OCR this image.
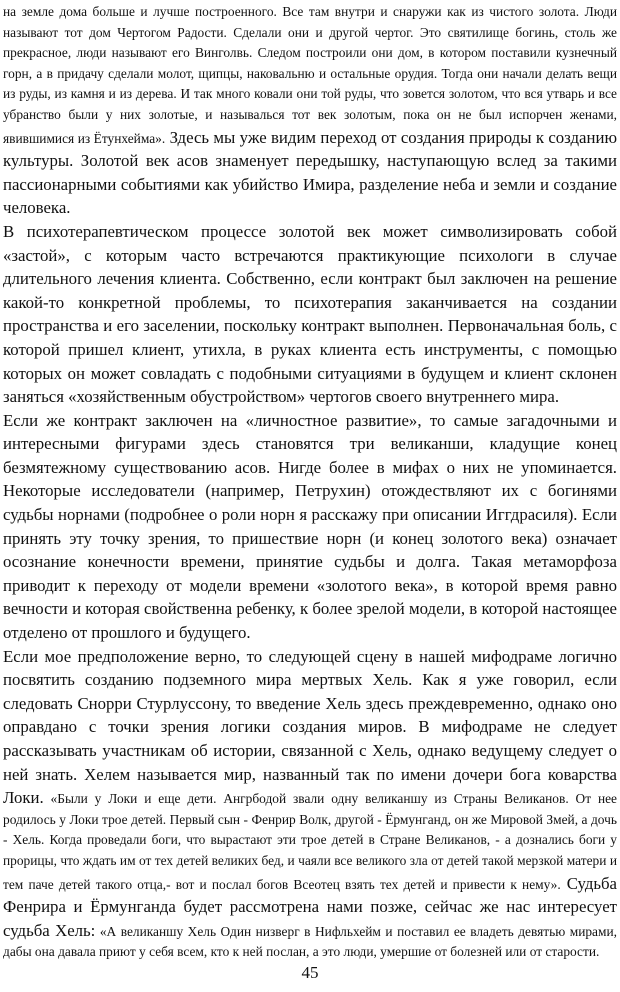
на земле дома больше и лучше построенного. Все там внутри и снаружи как из чистого золота. Люди называют тот дом Чертогом Радости. Сделали они и другой чертог. Это святилище богинь, столь же прекрасное, люди называют его Винголвь. Следом построили они дом, в котором поставили кузнечный горн, а в придачу сделали молот, щипцы, наковальню и остальные орудия. Тогда они начали делать вещи из руды, из камня и из дерева. И так много ковали они той руды, что зовется золотом, что вся утварь и все убранство были у них золотые, и называлься тот век золотым, пока он не был испорчен женами, явившимися из Ётунхейма». Здесь мы уже видим переход от создания природы к созданию культуры. Золотой век асов знаменует передышку, наступающую вслед за такими пассионарными событиями как убийство Имира, разделение неба и земли и создание человека.

В психотерапевтическом процессе золотой век может символизировать собой «застой», с которым часто встречаются практикующие психологи в случае длительного лечения клиента. Собственно, если контракт был заключен на решение какой-то конкретной проблемы, то психотерапия заканчивается на создании пространства и его заселении, поскольку контракт выполнен. Первоначальная боль, с которой пришел клиент, утихла, в руках клиента есть инструменты, с помощью которых он может совладать с подобными ситуациями в будущем и клиент склонен заняться «хозяйственным обустройством» чертогов своего внутреннего мира.

Если же контракт заключен на «личностное развитие», то самые загадочными и интересными фигурами здесь становятся три великанши, кладущие конец безмятежному существованию асов. Нигде более в мифах о них не упоминается. Некоторые исследователи (например, Петрухин) отождествляют их с богинями судьбы норнами (подробнее о роли норн я расскажу при описании Иггдрасиля). Если принять эту точку зрения, то пришествие норн (и конец золотого века) означает осознание конечности времени, принятие судьбы и долга. Такая метаморфоза приводит к переходу от модели времени «золотого века», в которой время равно вечности и которая свойственна ребенку, к более зрелой модели, в которой настоящее отделено от прошлого и будущего.

Если мое предположение верно, то следующей сцену в нашей мифодраме логично посвятить созданию подземного мира мертвых Хель. Как я уже говорил, если следовать Снорри Стурлуссону, то введение Хель здесь преждевременно, однако оно оправдано с точки зрения логики создания миров. В мифодраме не следует рассказывать участникам об истории, связанной с Хель, однако ведущему следует о ней знать. Хелем называется мир, названный так по имени дочери бога коварства Локи. «Были у Локи и еще дети. Ангрбодой звали одну великаншу из Страны Великанов. От нее родилось у Локи трое детей. Первый сын - Фенрир Волк, другой - Ёрмунганд, он же Мировой Змей, а дочь - Хель. Когда проведали боги, что вырастают эти трое детей в Стране Великанов, - а дознались боги у прорицы, что ждать им от тех детей великих бед, и чаяли все великого зла от детей такой мерзкой матери и тем паче детей такого отца,- вот и послал богов Всеотец взять тех детей и привести к нему». Судьба Фенрира и Ёрмунганда будет рассмотрена нами позже, сейчас же нас интересует судьба Хель: «А великаншу Хель Один низверг в Нифльхейм и поставил ее владеть девятью мирами, дабы она давала приют у себя всем, кто к ней послан, а это люди, умершие от болезней или от старости.

45
